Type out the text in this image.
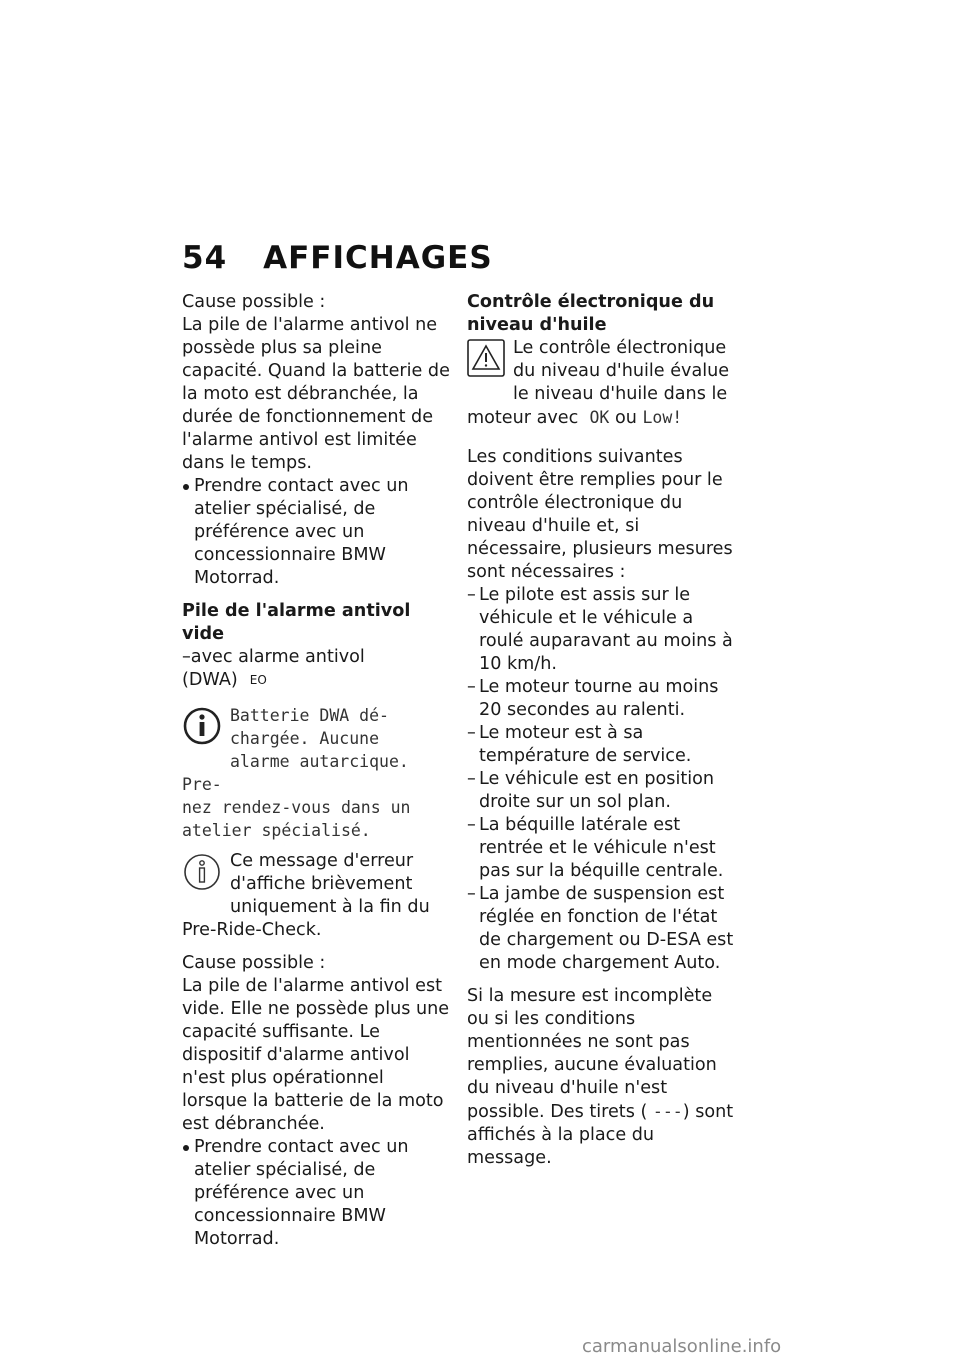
54 AFFICHAGES

Cause possible :

La pile de l'alarme antivol ne possède plus sa pleine capacité. Quand la batterie de la moto est débranchée, la durée de fonctionnement de l'alarme antivol est limitée dans le temps.

Prendre contact avec un atelier spécialisé, de préférence avec un concessionnaire BMW Motorrad.

Pile de l'alarme antivol vide

–avec alarme antivol (DWA) $^{EO}$

Batterie DWA dé-
chargée. Aucune
alarme autarcique. Pre-
nez rendez-vous dans un
atelier spécialisé.
Ce message d'erreur d'affiche brièvement uniquement à la fin du Pre-Ride-Check.

Cause possible :

La pile de l'alarme antivol est vide. Elle ne possède plus une capacité suffisante. Le dispositif d'alarme antivol n'est plus opérationnel lorsque la batterie de la moto est débranchée.

Prendre contact avec un atelier spécialisé, de préférence avec un concessionnaire BMW Motorrad.

Contrôle électronique du niveau d'huile

Le contrôle électronique du niveau d'huile évalue le niveau d'huile dans le moteur avec OK ou Low!

Les conditions suivantes doivent être remplies pour le contrôle électronique du niveau d'huile et, si nécessaire, plusieurs mesures sont nécessaires :

– Le pilote est assis sur le véhicule et le véhicule a roulé auparavant au moins à 10 km/h.
– Le moteur tourne au moins 20 secondes au ralenti.
– Le moteur est à sa température de service.
– Le véhicule est en position droite sur un sol plan.
– La béquille latérale est rentrée et le véhicule n'est pas sur la béquille centrale.
– La jambe de suspension est réglée en fonction de l'état de chargement ou D-ESA est en mode chargement Auto.

Si la mesure est incomplète ou si les conditions mentionnées ne sont pas remplies, aucune évaluation du niveau d'huile n'est possible. Des tirets ( ---) sont affichés à la place du message.

carmanualsonline.info
